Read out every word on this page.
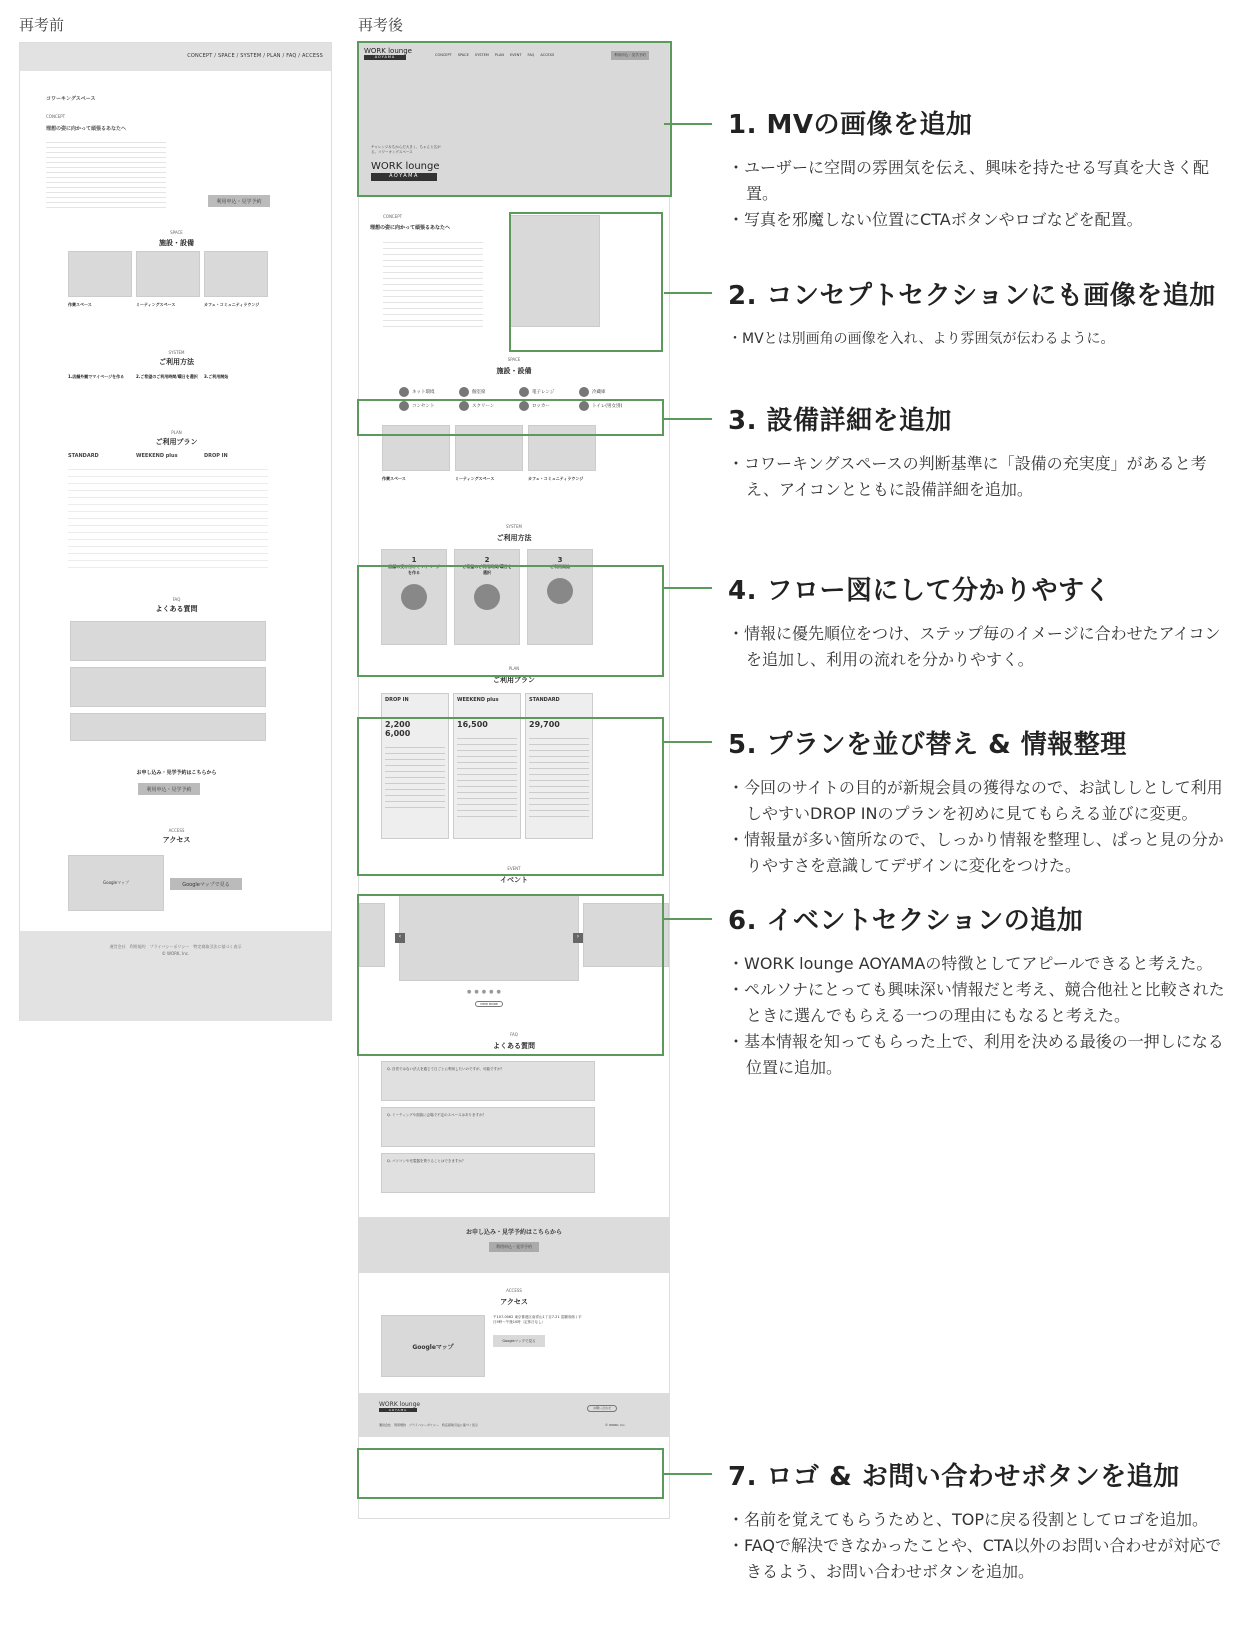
再考前	再考後
CONCEPT / SPACE / SYSTEM / PLAN / FAQ / ACCESS
コワーキングスペース
CONCEPT
理想の姿に向かって頑張るあなたへ
利用申込・見学予約
SPACE
施設・設備
作業スペース	ミーティングスペース	カフェ・コミュニティラウンジ
SYSTEM
ご利用方法
1.店舗外観でマイページを作る	2.ご希望のご利用時間/曜日を選択 3.ご利用開始
PLAN
ご利用プラン
STANDARD	WEEKEND plus	DROP IN
FAQ
よくある質問
お申し込み・見学予約はこちらから
利用申込・見学予約
ACCESS
アクセス
Googleマップ	Googleマップで見る
運営会社　利用規約　プライバシーポリシー　特定商取引法に基づく表示
© WORK, Inc.
WORK lounge
AOYAMA	CONCEPT SPACE SYSTEM PLAN EVENT FAQ ACCESS	利用申込・見学予約
チャレンジ＆ちからだ大きく、ちゃんと広がる。コワーキングスペース
WORK lounge
AOYAMA
CONCEPT
理想の姿に向かって頑張るあなたへ
SPACE
施設・設備
ネット環境	個室席	電子レンジ	冷蔵庫
コンセント	スクリーン	ロッカー	トイレ(男女別)
作業スペース	ミーティングスペース	カフェ・コミュニティラウンジ
SYSTEM
ご利用方法
1
店舗の受け付けでマイページを作る
2
ご希望のご利用時間/曜日を選択
3
ご利用開始
PLAN
ご利用プラン
DROP IN
2,200
6,000
WEEKEND plus
16,500
STANDARD
29,700
EVENT
イベント
‹	›
●●●●●
VIEW MORE
FAQ
よくある質問
Q. 自営ではない法人を通じて日ごとに利用したいのですが、可能ですか？
Q. ミーティングや面談に会場で不定のスペースはありますか？
Q. パソコンや充電器を貸りることはできますか？
お申し込み・見学予約はこちらから
利用申込・見学予約
ACCESS
アクセス
Googleマップ
〒107-0062 東京都港区南青山1丁目7-21 富蘭寿館 / 平日9時〜午後10時（定休日なし）
Googleマップで見る
WORK lounge
AOYAMA	お問い合わせ
運営会社　利用規約　プライバシーポリシー　特定商取引法に基づく表示	© WORK, Inc.
1. MVの画像を追加
・ ユーザーに空間の雰囲気を伝え、興味を持たせる写真を大きく配置。
・ 写真を邪魔しない位置にCTAボタンやロゴなどを配置。
2. コンセプトセクションにも画像を追加
・ MVとは別画角の画像を入れ、より雰囲気が伝わるように。
3. 設備詳細を追加
・ コワーキングスペースの判断基準に「設備の充実度」があると考え、アイコンとともに設備詳細を追加。
4. フロー図にして分かりやすく
・ 情報に優先順位をつけ、ステップ毎のイメージに合わせたアイコンを追加し、利用の流れを分かりやすく。
5. プランを並び替え & 情報整理
・ 今回のサイトの目的が新規会員の獲得なので、お試ししとして利用しやすいDROP INのプランを初めに見てもらえる並びに変更。
・ 情報量が多い箇所なので、しっかり情報を整理し、ぱっと見の分かりやすさを意識してデザインに変化をつけた。
6. イベントセクションの追加
・ WORK lounge AOYAMAの特徴としてアピールできると考えた。
・ ペルソナにとっても興味深い情報だと考え、競合他社と比較されたときに選んでもらえる一つの理由にもなると考えた。
・ 基本情報を知ってもらった上で、利用を決める最後の一押しになる位置に追加。
7. ロゴ & お問い合わせボタンを追加
・ 名前を覚えてもらうためと、TOPに戻る役割としてロゴを追加。
・ FAQで解決できなかったことや、CTA以外のお問い合わせが対応で　きるよう、お問い合わせボタンを追加。
